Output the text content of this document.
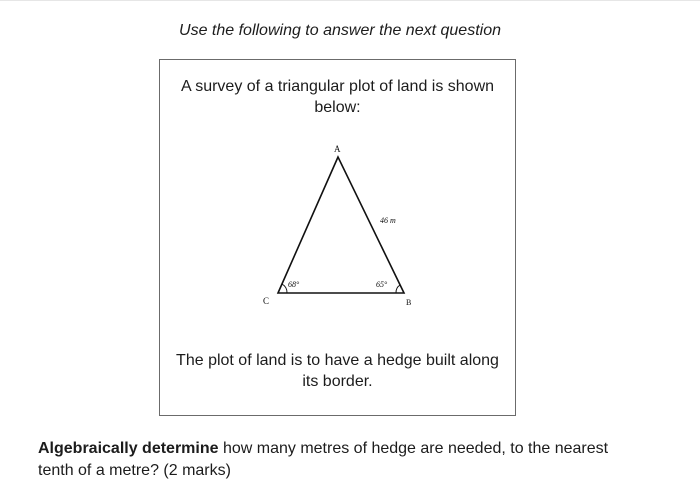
Use the following to answer the next question
A survey of a triangular plot of land is shown below:
A
C	B
68°	65°
46 m
The plot of land is to have a hedge built along its border.
Algebraically determine how many metres of hedge are needed, to the nearest tenth of a metre? (2 marks)
